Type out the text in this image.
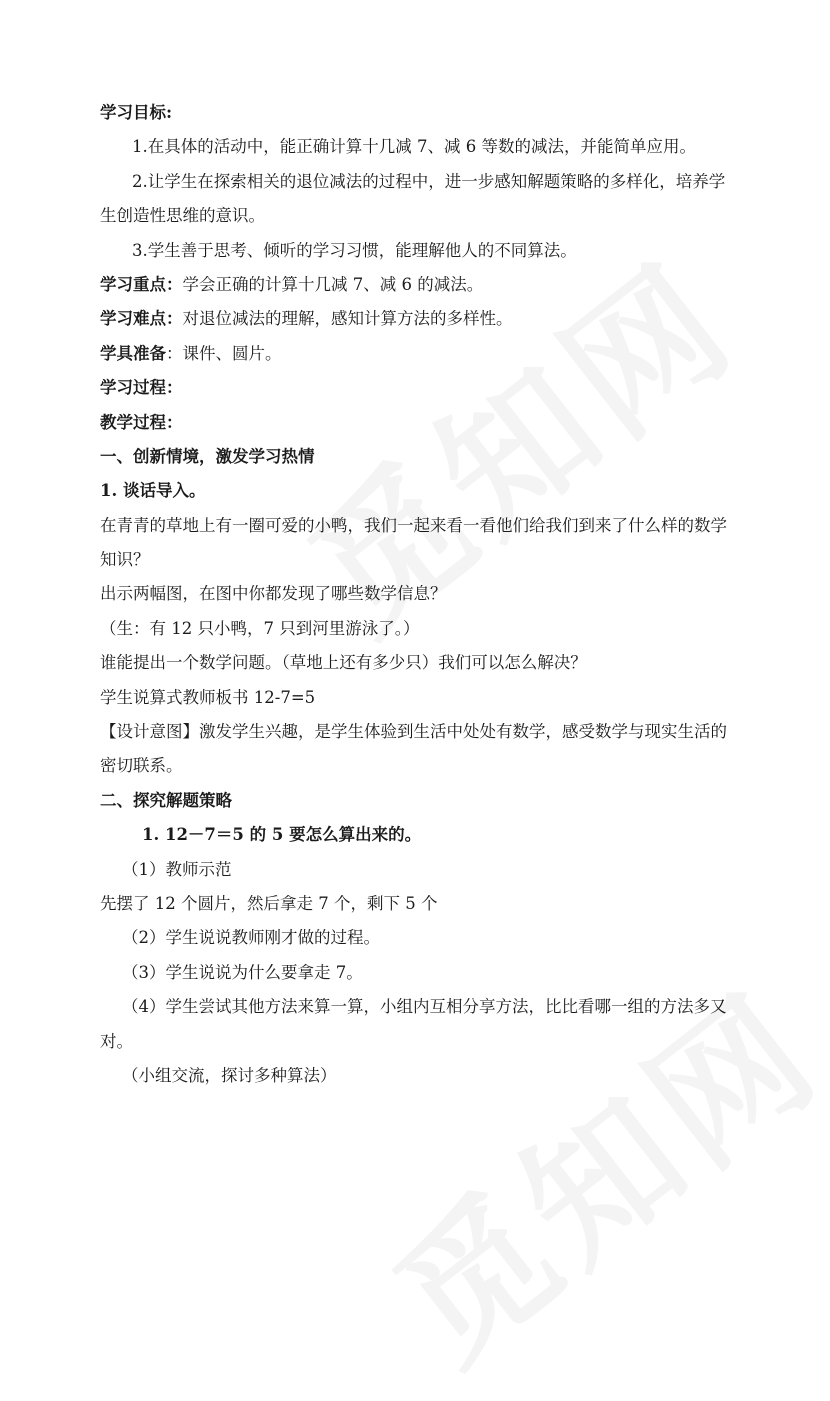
学习目标:
1.在具体的活动中，能正确计算十几减 7、减 6 等数的减法，并能简单应用。
2.让学生在探索相关的退位减法的过程中，进一步感知解题策略的多样化，培养学
生创造性思维的意识。
3.学生善于思考、倾听的学习习惯，能理解他人的不同算法。
学习重点：学会正确的计算十几减 7、减 6 的减法。
学习难点：对退位减法的理解，感知计算方法的多样性。
学具准备：课件、圆片。
学习过程：
教学过程：
一、创新情境，激发学习热情
1. 谈话导入。
在青青的草地上有一圈可爱的小鸭，我们一起来看一看他们给我们到来了什么样的数学
知识？
出示两幅图，在图中你都发现了哪些数学信息？
（生：有 12 只小鸭，7 只到河里游泳了。）
谁能提出一个数学问题。（草地上还有多少只）我们可以怎么解决？
学生说算式教师板书 12-7=5
【设计意图】激发学生兴趣，是学生体验到生活中处处有数学，感受数学与现实生活的
密切联系。
二、探究解题策略
1. 12－7＝5 的 5 要怎么算出来的。
（1）教师示范
先摆了 12 个圆片，然后拿走 7 个，剩下 5 个
（2）学生说说教师刚才做的过程。
（3）学生说说为什么要拿走 7。
（4）学生尝试其他方法来算一算，小组内互相分享方法，比比看哪一组的方法多又
对。
（小组交流，探讨多种算法）
